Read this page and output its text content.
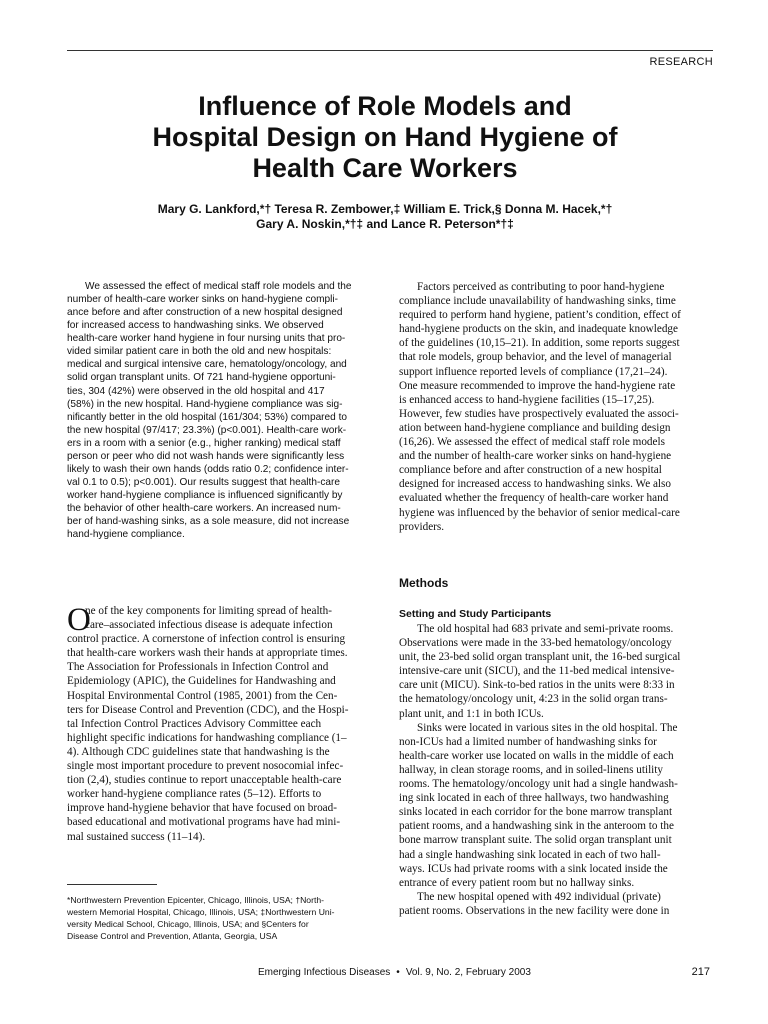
RESEARCH
Influence of Role Models and
Hospital Design on Hand Hygiene of
Health Care Workers
Mary G. Lankford,*† Teresa R. Zembower,‡ William E. Trick,§ Donna M. Hacek,*†
Gary A. Noskin,*†‡ and Lance R. Peterson*†‡
We assessed the effect of medical staff role models and the
number of health-care worker sinks on hand-hygiene compli-
ance before and after construction of a new hospital designed
for increased access to handwashing sinks. We observed
health-care worker hand hygiene in four nursing units that pro-
vided similar patient care in both the old and new hospitals:
medical and surgical intensive care, hematology/oncology, and
solid organ transplant units. Of 721 hand-hygiene opportuni-
ties, 304 (42%) were observed in the old hospital and 417
(58%) in the new hospital. Hand-hygiene compliance was sig-
nificantly better in the old hospital (161/304; 53%) compared to
the new hospital (97/417; 23.3%) (p<0.001). Health-care work-
ers in a room with a senior (e.g., higher ranking) medical staff
person or peer who did not wash hands were significantly less
likely to wash their own hands (odds ratio 0.2; confidence inter-
val 0.1 to 0.5); p<0.001). Our results suggest that health-care
worker hand-hygiene compliance is influenced significantly by
the behavior of other health-care workers. An increased num-
ber of hand-washing sinks, as a sole measure, did not increase
hand-hygiene compliance.
O
ne of the key components for limiting spread of health-
care–associated infectious disease is adequate infection
control practice. A cornerstone of infection control is ensuring
that health-care workers wash their hands at appropriate times.
The Association for Professionals in Infection Control and
Epidemiology (APIC), the Guidelines for Handwashing and
Hospital Environmental Control (1985, 2001) from the Cen-
ters for Disease Control and Prevention (CDC), and the Hospi-
tal Infection Control Practices Advisory Committee each
highlight specific indications for handwashing compliance (1–
4). Although CDC guidelines state that handwashing is the
single most important procedure to prevent nosocomial infec-
tion (2,4), studies continue to report unacceptable health-care
worker hand-hygiene compliance rates (5–12). Efforts to
improve hand-hygiene behavior that have focused on broad-
based educational and motivational programs have had mini-
mal sustained success (11–14).
*Northwestern Prevention Epicenter, Chicago, Illinois, USA; †North-
western Memorial Hospital, Chicago, Illinois, USA; ‡Northwestern Uni-
versity Medical School, Chicago, Illinois, USA; and §Centers for
Disease Control and Prevention, Atlanta, Georgia, USA
Factors perceived as contributing to poor hand-hygiene
compliance include unavailability of handwashing sinks, time
required to perform hand hygiene, patient’s condition, effect of
hand-hygiene products on the skin, and inadequate knowledge
of the guidelines (10,15–21). In addition, some reports suggest
that role models, group behavior, and the level of managerial
support influence reported levels of compliance (17,21–24).
One measure recommended to improve the hand-hygiene rate
is enhanced access to hand-hygiene facilities (15–17,25).
However, few studies have prospectively evaluated the associ-
ation between hand-hygiene compliance and building design
(16,26). We assessed the effect of medical staff role models
and the number of health-care worker sinks on hand-hygiene
compliance before and after construction of a new hospital
designed for increased access to handwashing sinks. We also
evaluated whether the frequency of health-care worker hand
hygiene was influenced by the behavior of senior medical-care
providers.
Methods
Setting and Study Participants
The old hospital had 683 private and semi-private rooms.
Observations were made in the 33-bed hematology/oncology
unit, the 23-bed solid organ transplant unit, the 16-bed surgical
intensive-care unit (SICU), and the 11-bed medical intensive-
care unit (MICU). Sink-to-bed ratios in the units were 8:33 in
the hematology/oncology unit, 4:23 in the solid organ trans-
plant unit, and 1:1 in both ICUs.
Sinks were located in various sites in the old hospital. The
non-ICUs had a limited number of handwashing sinks for
health-care worker use located on walls in the middle of each
hallway, in clean storage rooms, and in soiled-linens utility
rooms. The hematology/oncology unit had a single handwash-
ing sink located in each of three hallways, two handwashing
sinks located in each corridor for the bone marrow transplant
patient rooms, and a handwashing sink in the anteroom to the
bone marrow transplant suite. The solid organ transplant unit
had a single handwashing sink located in each of two hall-
ways. ICUs had private rooms with a sink located inside the
entrance of every patient room but no hallway sinks.
The new hospital opened with 492 individual (private)
patient rooms. Observations in the new facility were done in
Emerging Infectious Diseases • Vol. 9, No. 2, February 2003	217
